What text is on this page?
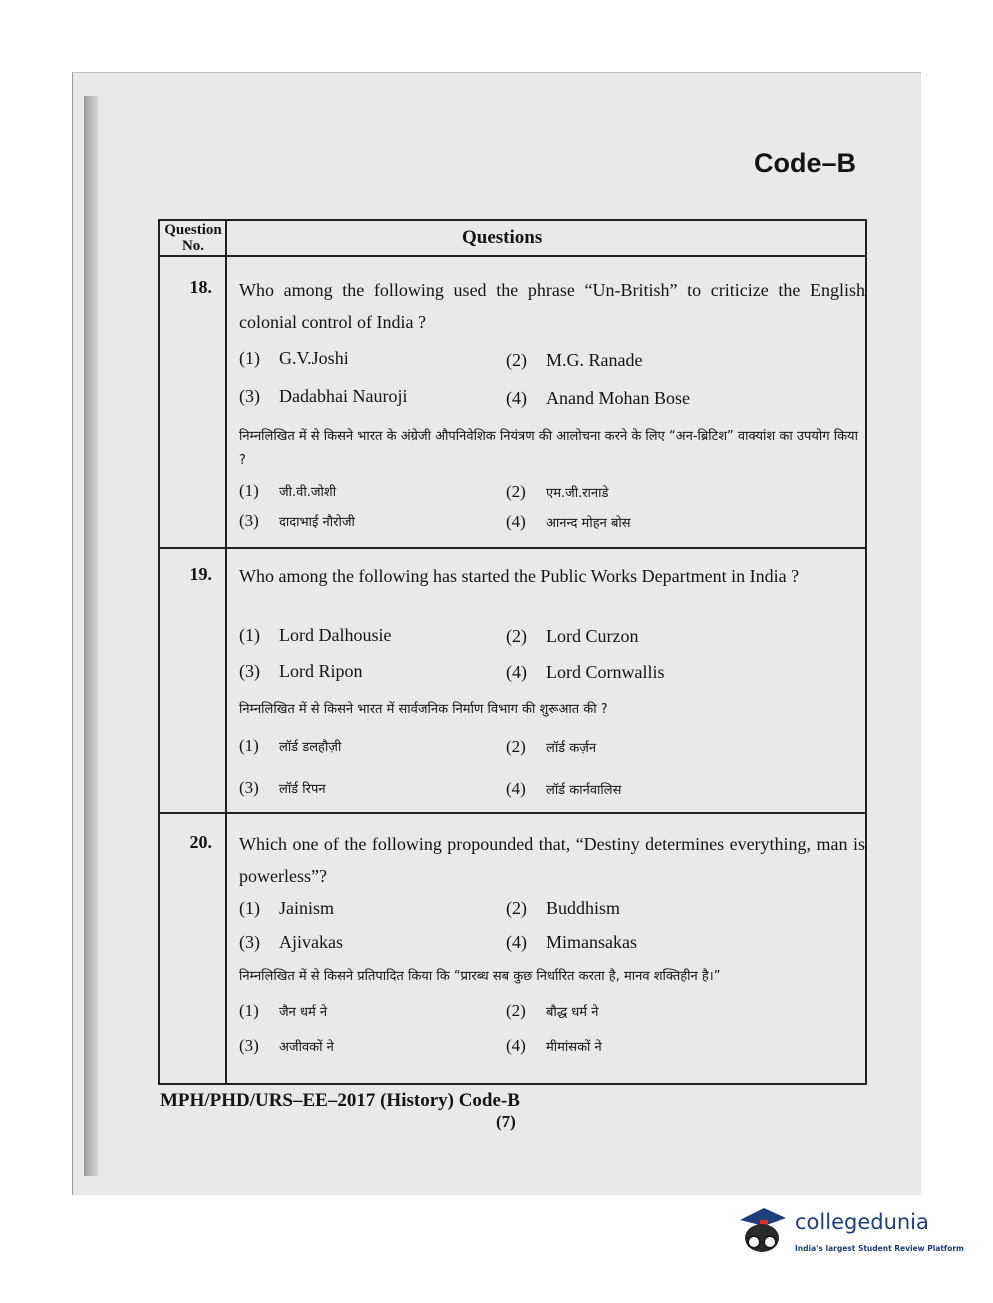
Code–B
Question No.	Questions
18. Who among the following used the phrase “Un-British” to criticize the English colonial control of India ?
(1) G.V.Joshi	(2) M.G. Ranade
(3) Dadabhai Nauroji	(4) Anand Mohan Bose
निम्नलिखित में से किसने भारत के अंग्रेजी औपनिवेशिक नियंत्रण की आलोचना करने के लिए “अन-ब्रिटिश” वाक्यांश का उपयोग किया ?
(1) जी.वी.जोशी	(2) एम.जी.रानाडे
(3) दादाभाई नौरोजी	(4) आनन्द मोहन बोस
19. Who among the following has started the Public Works Department in India ?
(1) Lord Dalhousie	(2) Lord Curzon
(3) Lord Ripon	(4) Lord Cornwallis
निम्नलिखित में से किसने भारत में सार्वजनिक निर्माण विभाग की शुरूआत की ?
(1) लॉर्ड डलहौज़ी	(2) लॉर्ड कर्ज़न
(3) लॉर्ड रिपन	(4) लॉर्ड कार्नवालिस
20. Which one of the following propounded that, “Destiny determines everything, man is powerless”?
(1) Jainism	(2) Buddhism
(3) Ajivakas	(4) Mimansakas
निम्नलिखित में से किसने प्रतिपादित किया कि “प्रारब्ध सब कुछ निर्धारित करता है, मानव शक्तिहीन है।”
(1) जैन धर्म ने	(2) बौद्ध धर्म ने
(3) अजीवकों ने	(4) मीमांसकों ने
MPH/PHD/URS–EE–2017 (History) Code-B
(7)
collegedunia
India's largest Student Review Platform
